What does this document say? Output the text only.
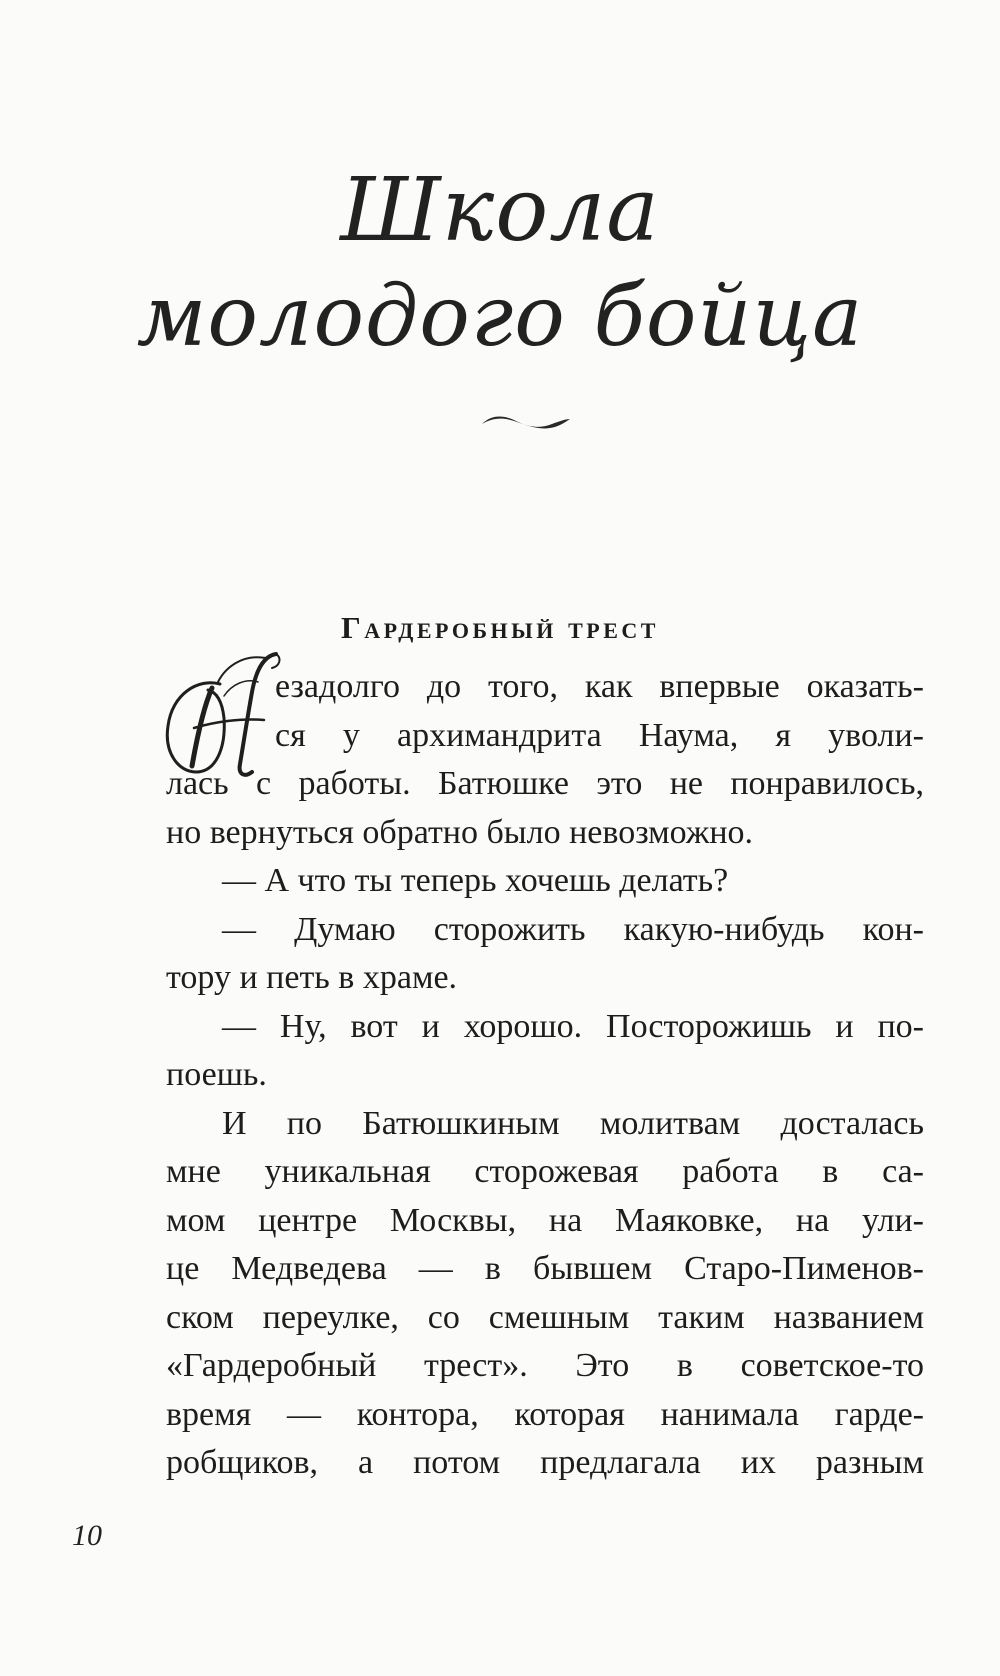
Школа
молодого бойца
Гардеробный трест
Н
езадолго до того, как впервые оказать-
ся у архимандрита Наума, я уволи-
лась с работы. Батюшке это не понравилось,
но вернуться обратно было невозможно.
— А что ты теперь хочешь делать?
— Думаю сторожить какую-нибудь кон-
тору и петь в храме.
— Ну, вот и хорошо. Посторожишь и по-
поешь.
И по Батюшкиным молитвам досталась
мне уникальная сторожевая работа в са-
мом центре Москвы, на Маяковке, на ули-
це Медведева — в бывшем Старо-Пименов-
ском переулке, со смешным таким названием
«Гардеробный трест». Это в советское-то
время — контора, которая нанимала гарде-
робщиков, а потом предлагала их разным
10
